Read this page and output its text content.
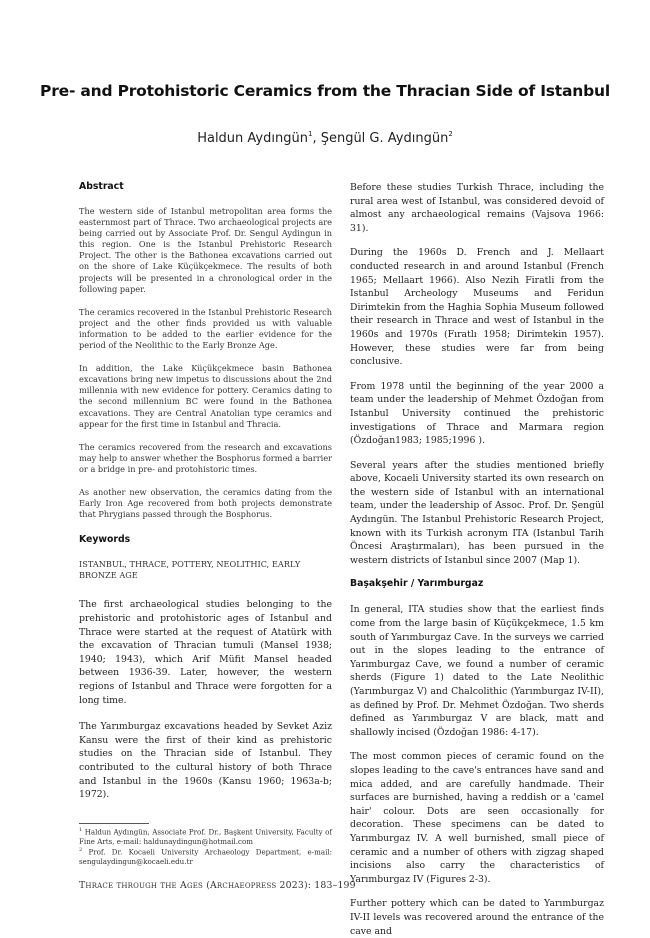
Pre- and Protohistoric Ceramics from the Thracian Side of Istanbul
Haldun Aydıngün$^1$, Şengül G. Aydıngün$^2$
Abstract

The western side of Istanbul metropolitan area forms the easternmost part of Thrace. Two archaeological projects are being carried out by Associate Prof. Dr. Sengul Aydingun in this region. One is the Istanbul Prehistoric Research Project. The other is the Bathonea excavations carried out on the shore of Lake Küçükçekmece. The results of both projects will be presented in a chronological order in the following paper.

The ceramics recovered in the Istanbul Prehistoric Research project and the other finds provided us with valuable information to be added to the earlier evidence for the period of the Neolithic to the Early Bronze Age.

In addition, the Lake Küçükçekmece basin Bathonea excavations bring new impetus to discussions about the 2nd millennia with new evidence for pottery. Ceramics dating to the second millennium BC were found in the Bathonea excavations. They are Central Anatolian type ceramics and appear for the first time in Istanbul and Thracia.

The ceramics recovered from the research and excavations may help to answer whether the Bosphorus formed a barrier or a bridge in pre- and protohistoric times.

As another new observation, the ceramics dating from the Early Iron Age recovered from both projects demonstrate that Phrygians passed through the Bosphorus.

Keywords

ISTANBUL, THRACE, POTTERY, NEOLITHIC, EARLY BRONZE AGE

The first archaeological studies belonging to the prehistoric and protohistoric ages of Istanbul and Thrace were started at the request of Atatürk with the excavation of Thracian tumuli (Mansel 1938; 1940; 1943), which Arif Müfit Mansel headed between 1936-39. Later, however, the western regions of Istanbul and Thrace were forgotten for a long time.

The Yarımburgaz excavations headed by Sevket Aziz Kansu were the first of their kind as prehistoric studies on the Thracian side of Istanbul. They contributed to the cultural history of both Thrace and Istanbul in the 1960s (Kansu 1960; 1963a-b; 1972).

$^1$ Haldun Aydıngün, Associate Prof. Dr., Başkent University, Faculty of Fine Arts, e-mail: haldunaydingun@hotmail.com

$^2$ Prof. Dr. Kocaeli University Archaeology Department, e-mail: sengulaydingun@kocaeli.edu.tr

Before these studies Turkish Thrace, including the rural area west of Istanbul, was considered devoid of almost any archaeological remains (Vajsova 1966: 31).

During the 1960s D. French and J. Mellaart conducted research in and around Istanbul (French 1965; Mellaart 1966). Also Nezih Firatli from the Istanbul Archeology Museums and Feridun Dirimtekin from the Haghia Sophia Museum followed their research in Thrace and west of Istanbul in the 1960s and 1970s (Fıratlı 1958; Dirimtekin 1957). However, these studies were far from being conclusive.

From 1978 until the beginning of the year 2000 a team under the leadership of Mehmet Özdoğan from Istanbul University continued the prehistoric investigations of Thrace and Marmara region (Özdoğan1983; 1985;1996 ).

Several years after the studies mentioned briefly above, Kocaeli University started its own research on the western side of Istanbul with an international team, under the leadership of Assoc. Prof. Dr. Şengül Aydıngün. The Istanbul Prehistoric Research Project, known with its Turkish acronym ITA (Istanbul Tarih Öncesi Araştırmaları), has been pursued in the western districts of Istanbul since 2007 (Map 1).

Başakşehir / Yarımburgaz

In general, ITA studies show that the earliest finds come from the large basin of Küçükçekmece, 1.5 km south of Yarımburgaz Cave. In the surveys we carried out in the slopes leading to the entrance of Yarımburgaz Cave, we found a number of ceramic sherds (Figure 1) dated to the Late Neolithic (Yarımburgaz V) and Chalcolithic (Yarımburgaz IV-II), as defined by Prof. Dr. Mehmet Özdoğan. Two sherds defined as Yarımburgaz V are black, matt and shallowly incised (Özdoğan 1986: 4-17).

The most common pieces of ceramic found on the slopes leading to the cave's entrances have sand and mica added, and are carefully handmade. Their surfaces are burnished, having a reddish or a 'camel hair' colour. Dots are seen occasionally for decoration. These specimens can be dated to Yarımburgaz IV. A well burnished, small piece of ceramic and a number of others with zigzag shaped incisions also carry the characteristics of Yarımburgaz IV (Figures 2-3).

Further pottery which can be dated to Yarımburgaz IV-II levels was recovered around the entrance of the cave and

Thrace through the Ages (Archaeopress 2023): 183–199
